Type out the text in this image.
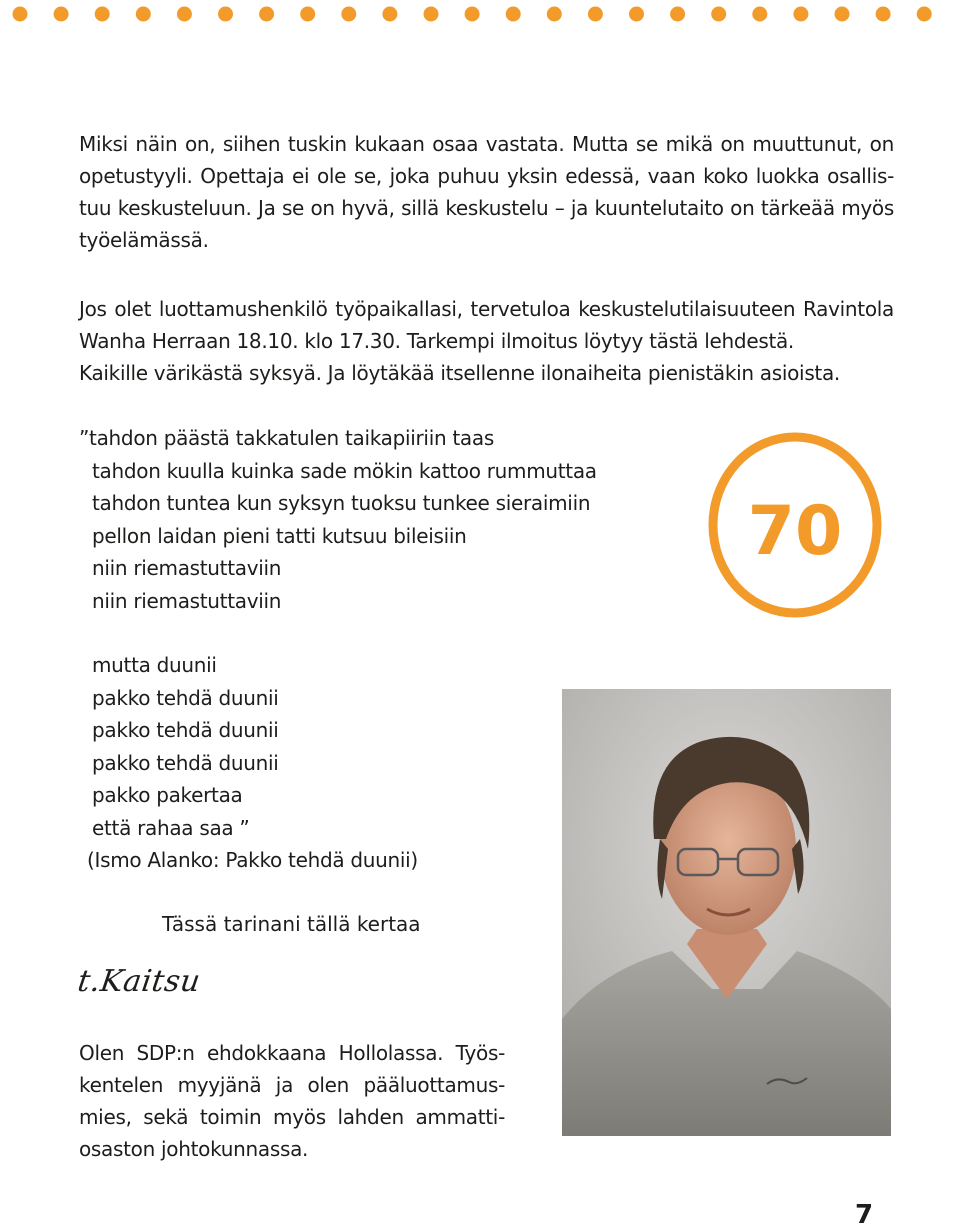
Miksi näin on, siihen tuskin kukaan osaa vastata. Mutta se mikä on muuttunut, on
opetustyyli. Opettaja ei ole se, joka puhuu yksin edessä, vaan koko luokka osallis-
tuu keskusteluun. Ja se on hyvä, sillä keskustelu – ja kuuntelutaito on tärkeää myös
työelämässä.
Jos olet luottamushenkilö työpaikallasi, tervetuloa keskustelutilaisuuteen Ravintola
Wanha Herraan 18.10. klo 17.30. Tarkempi ilmoitus löytyy tästä lehdestä.
Kaikille värikästä syksyä. Ja löytäkää itsellenne ilonaiheita pienistäkin asioista.
”tahdon päästä takkatulen taikapiiriin taas
tahdon kuulla kuinka sade mökin kattoo rummuttaa
tahdon tuntea kun syksyn tuoksu tunkee sieraimiin
pellon laidan pieni tatti kutsuu bileisiin
niin riemastuttaviin
niin riemastuttaviin
mutta duunii
pakko tehdä duunii
pakko tehdä duunii
pakko tehdä duunii
pakko pakertaa
että rahaa saa ”
(Ismo Alanko: Pakko tehdä duunii)
70
Tässä tarinani tällä kertaa
t.Kaitsu
Olen SDP:n ehdokkaana Hollolassa. Työs-
kentelen myyjänä ja olen pääluottamus-
mies, sekä toimin myös lahden ammatti-
osaston johtokunnassa.
7
